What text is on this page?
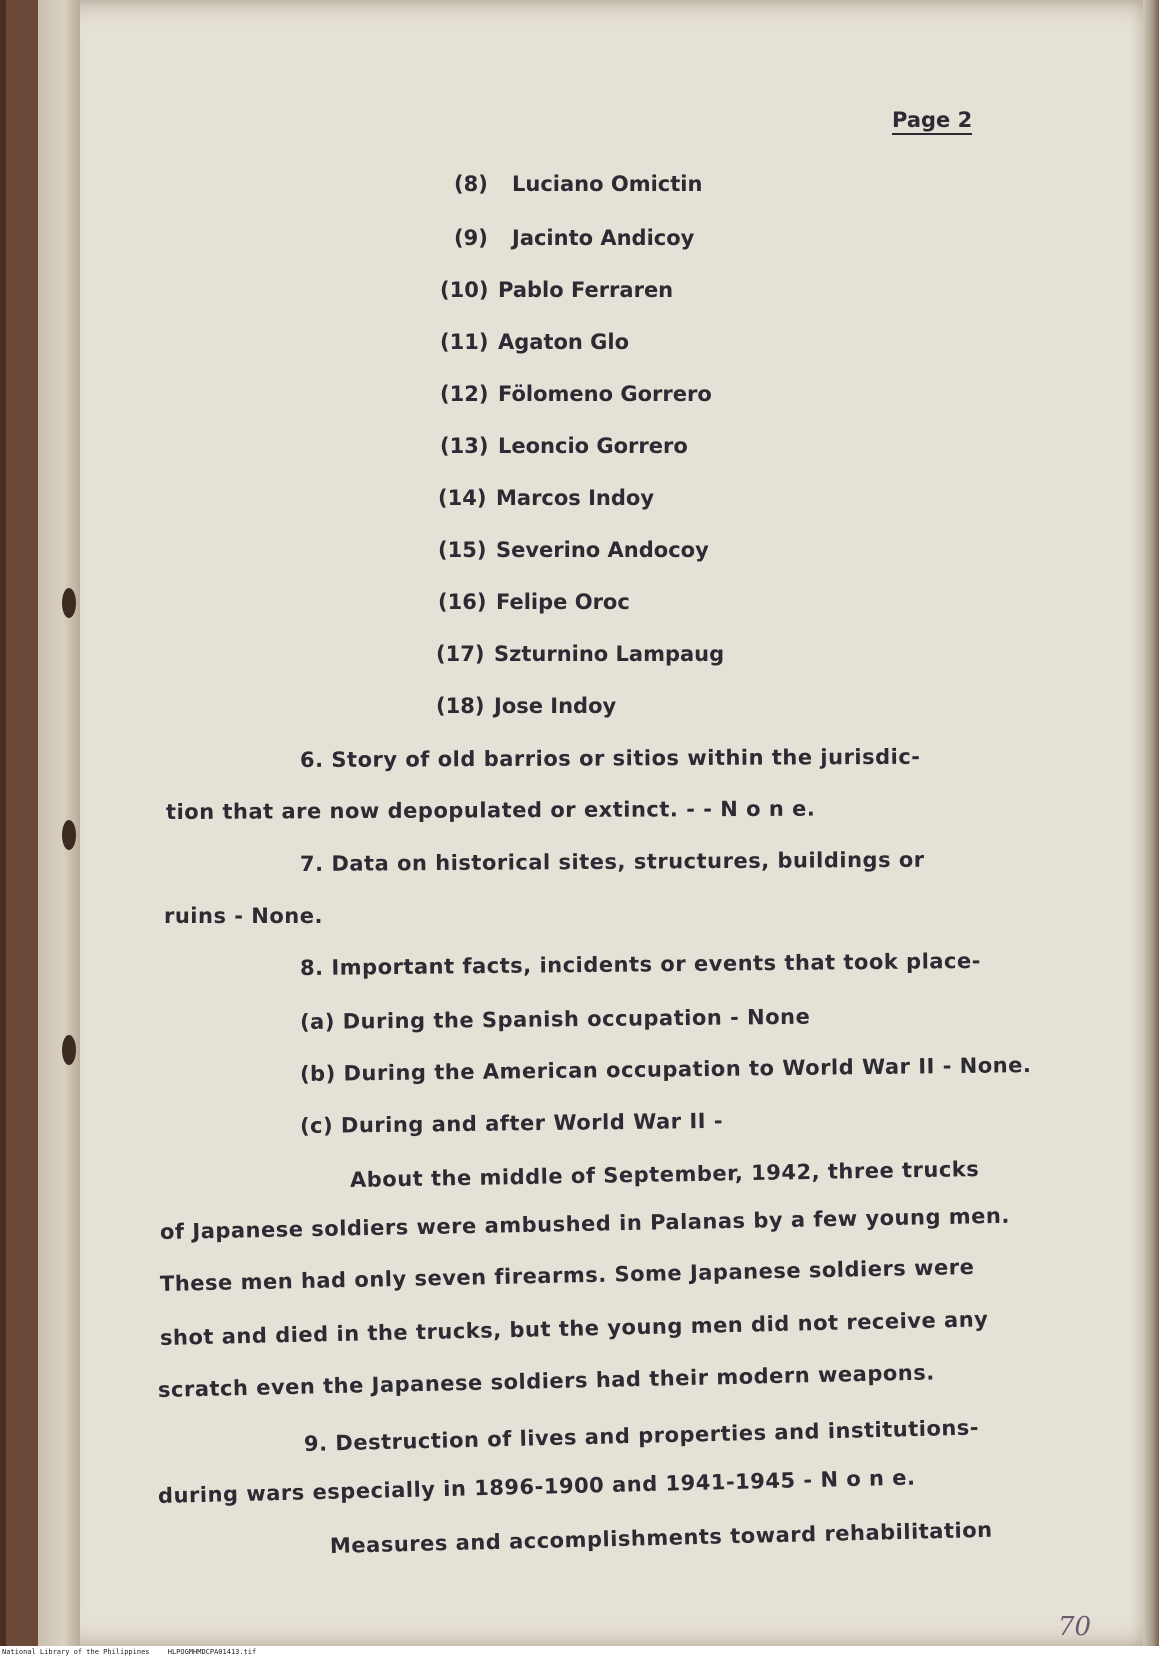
Page 2
(8) Luciano Omictin
(9) Jacinto Andicoy
(10) Pablo Ferraren
(11) Agaton Glo
(12) Fölomeno Gorrero
(13) Leoncio Gorrero
(14) Marcos Indoy
(15) Severino Andocoy
(16) Felipe Oroc
(17) Szturnino Lampaug
(18) Jose Indoy
6. Story of old barrios or sitios within the jurisdic-
tion that are now depopulated or extinct. - - N o n e.
7. Data on historical sites, structures, buildings or
ruins - None.
8. Important facts, incidents or events that took place-
(a) During the Spanish occupation - None
(b) During the American occupation to World War II - None.
(c) During and after World War II -
About the middle of September, 1942, three trucks
of Japanese soldiers were ambushed in Palanas by a few young men.
These men had only seven firearms. Some Japanese soldiers were
shot and died in the trucks, but the young men did not receive any
scratch even the Japanese soldiers had their modern weapons.
9. Destruction of lives and properties and institutions-
during wars especially in 1896-1900 and 1941-1945 - N o n e.
Measures and accomplishments toward rehabilitation
70
National Library of the Philippines	HLPOGMHMDCPA01413.tif
